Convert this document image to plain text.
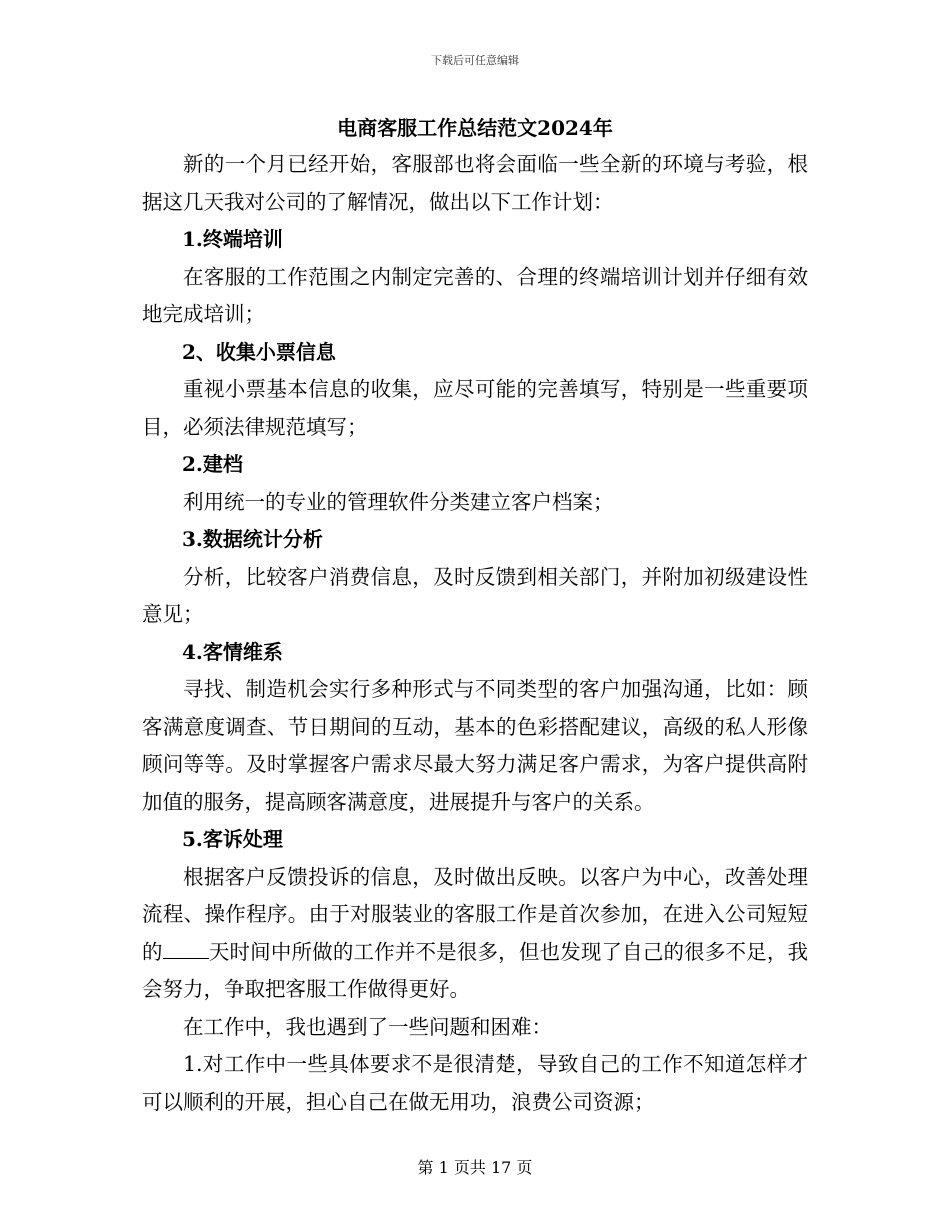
下载后可任意编辑

电商客服工作总结范文2024年

新的一个月已经开始，客服部也将会面临一些全新的环境与考验，根据这几天我对公司的了解情况，做出以下工作计划：

1.终端培训

在客服的工作范围之内制定完善的、合理的终端培训计划并仔细有效地完成培训；

2、收集小票信息

重视小票基本信息的收集，应尽可能的完善填写，特别是一些重要项目，必须法律规范填写；

2.建档

利用统一的专业的管理软件分类建立客户档案；

3.数据统计分析

分析，比较客户消费信息，及时反馈到相关部门，并附加初级建设性意见；

4.客情维系

寻找、制造机会实行多种形式与不同类型的客户加强沟通，比如：顾客满意度调查、节日期间的互动，基本的色彩搭配建议，高级的私人形像顾问等等。及时掌握客户需求尽最大努力满足客户需求，为客户提供高附加值的服务，提高顾客满意度，进展提升与客户的关系。

5.客诉处理

根据客户反馈投诉的信息，及时做出反映。以客户为中心，改善处理流程、操作程序。由于对服装业的客服工作是首次参加，在进入公司短短的 天时间中所做的工作并不是很多，但也发现了自己的很多不足，我会努力，争取把客服工作做得更好。

在工作中，我也遇到了一些问题和困难：

1.对工作中一些具体要求不是很清楚，导致自己的工作不知道怎样才可以顺利的开展，担心自己在做无用功，浪费公司资源；

第 1 页共 17 页
